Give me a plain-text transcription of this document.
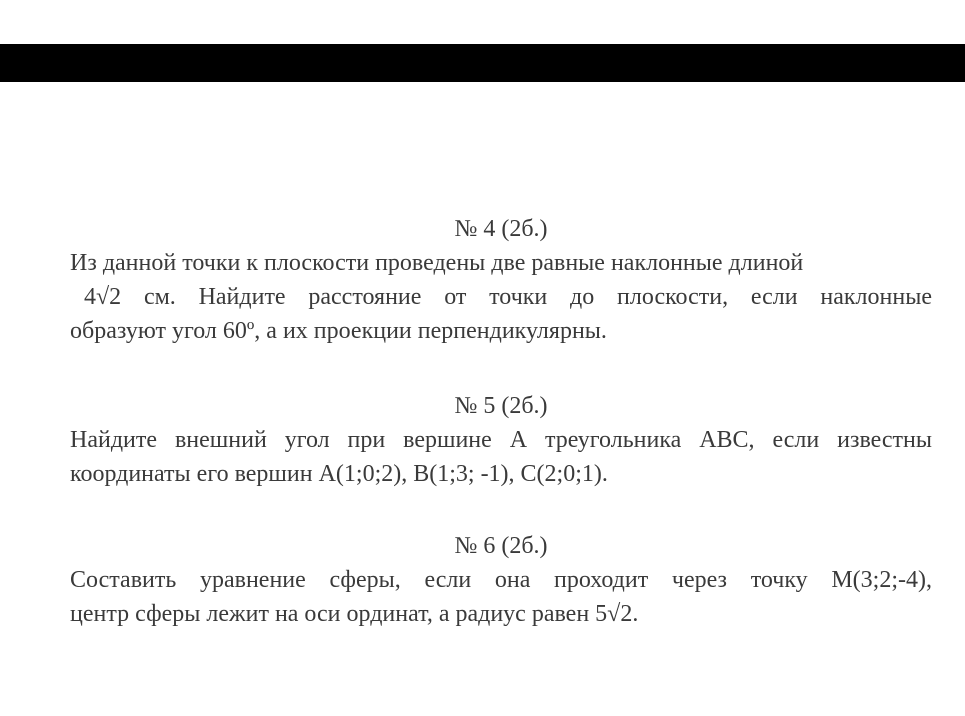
№ 4 (2б.)
Из данной точки к плоскости проведены две равные наклонные длиной
4√2 см. Найдите расстояние от точки до плоскости, если наклонные
образуют угол 60º, а их проекции перпендикулярны.
№ 5 (2б.)
Найдите внешний угол при вершине А треугольника АВС, если известны
координаты его вершин А(1;0;2), В(1;3; -1), С(2;0;1).
№ 6 (2б.)
Составить уравнение сферы, если она проходит через точку М(3;2;-4),
центр сферы лежит на оси ординат, а радиус равен 5√2.
